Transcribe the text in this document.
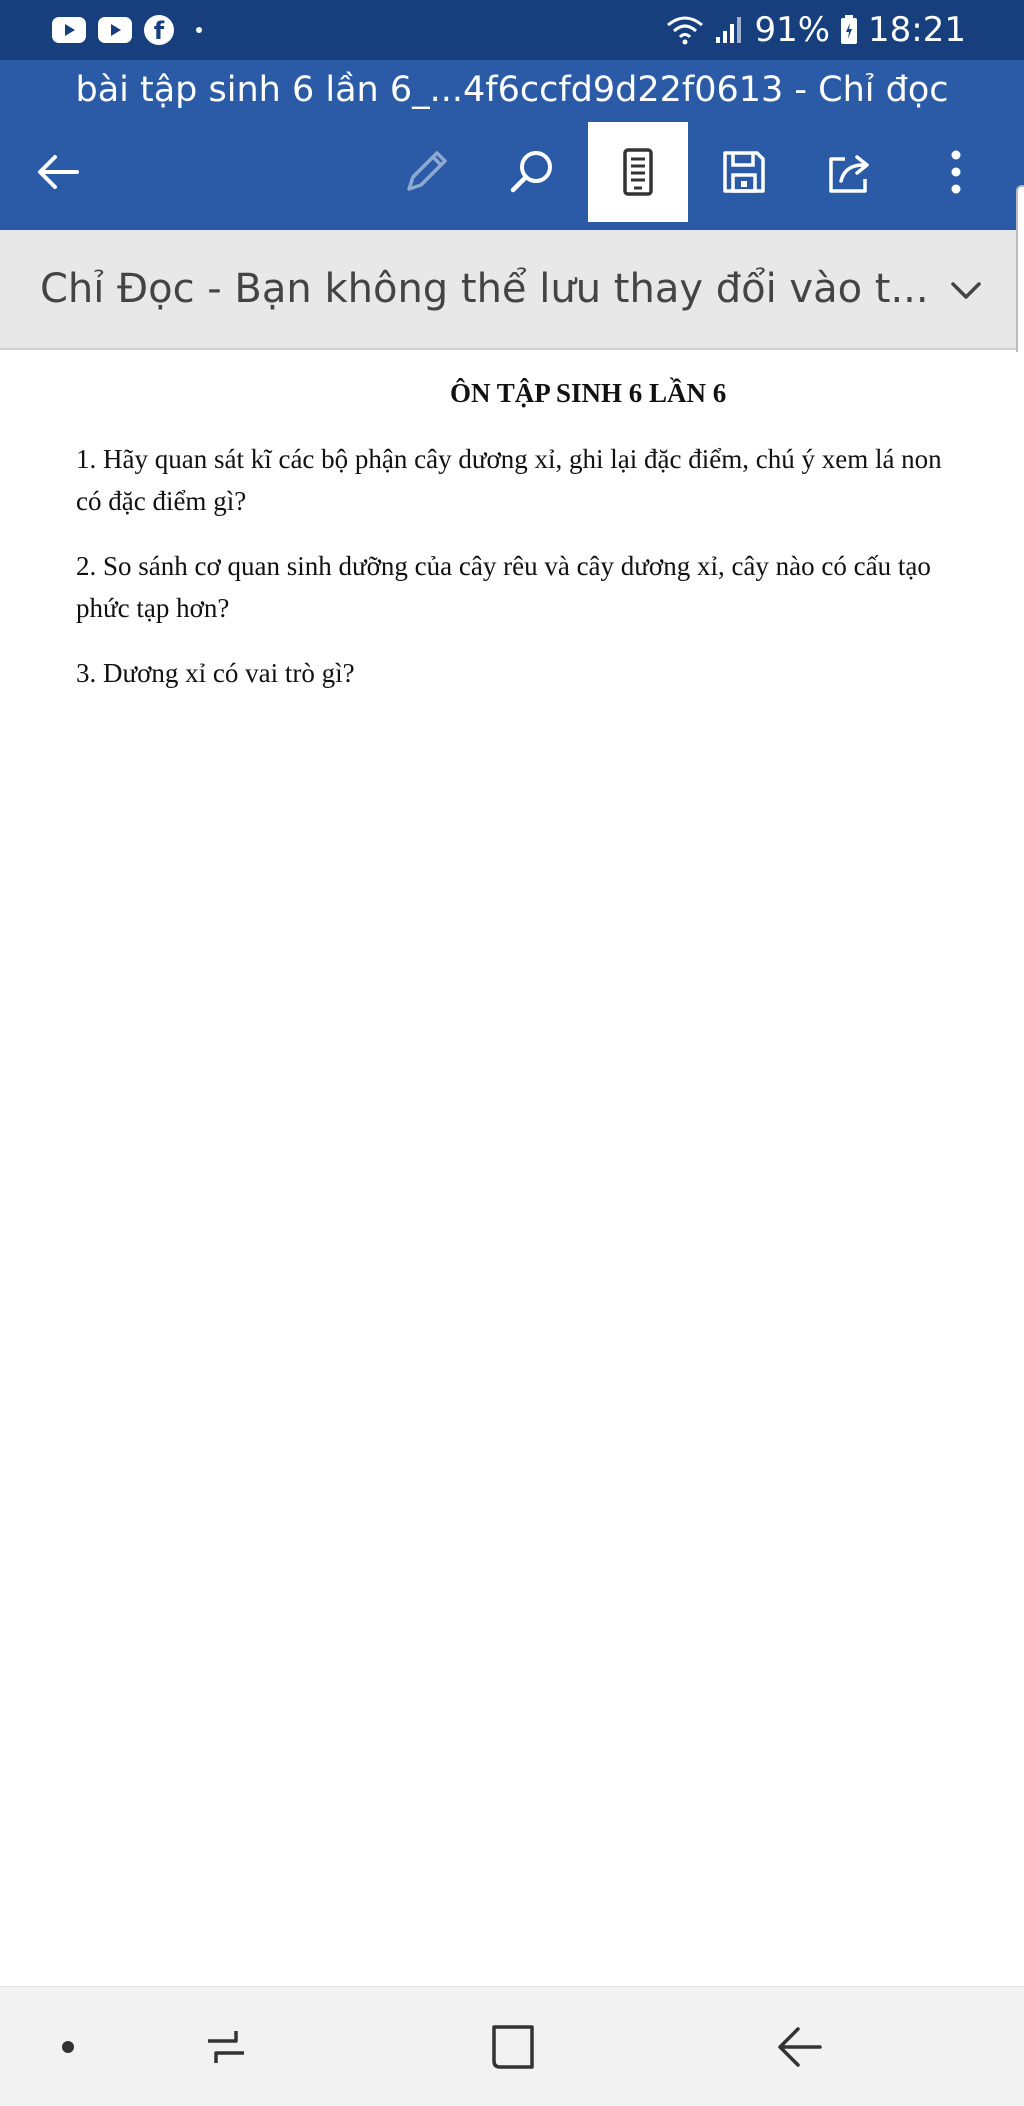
f	91% 18:21
bài tập sinh 6 lần 6_...4f6ccfd9d22f0613 - Chỉ đọc
Chỉ Đọc - Bạn không thể lưu thay đổi vào t...
ÔN TẬP SINH 6 LẦN 6

1. Hãy quan sát kĩ các bộ phận cây dương xỉ, ghi lại đặc điểm, chú ý xem lá non có đặc điểm gì?

2. So sánh cơ quan sinh dưỡng của cây rêu và cây dương xỉ, cây nào có cấu tạo phức tạp hơn?

3. Dương xỉ có vai trò gì?
